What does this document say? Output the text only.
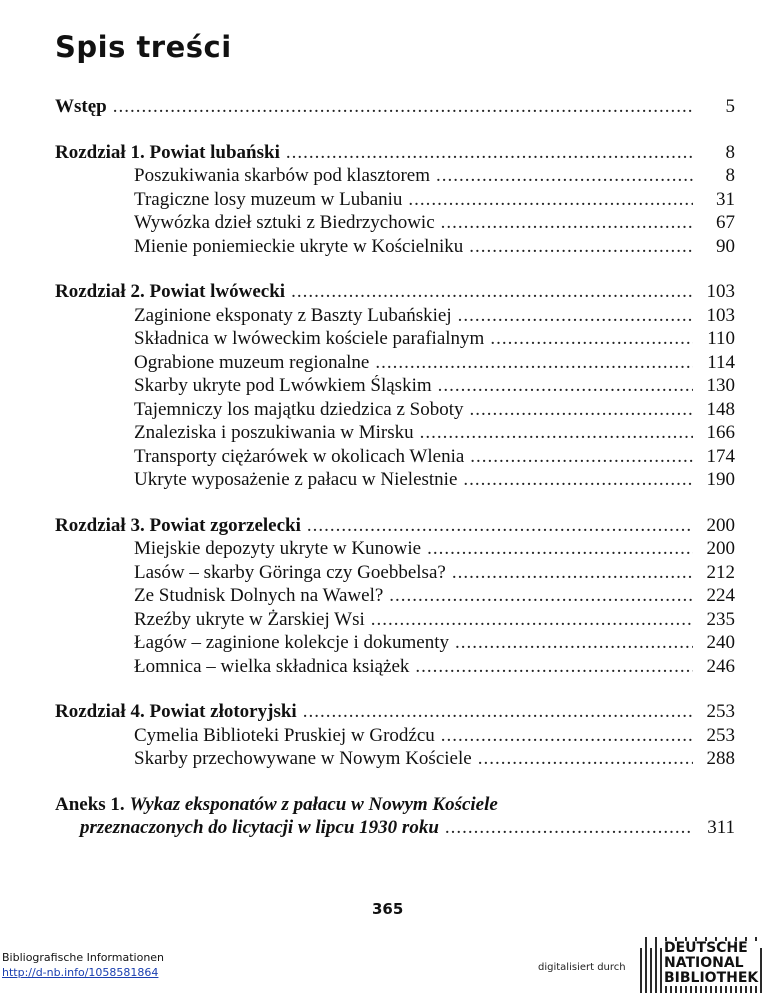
Spis treści
Wstęp .....	5
Rozdział 1. Powiat lubański .....	8
Poszukiwania skarbów pod klasztorem .....	8
Tragiczne losy muzeum w Lubaniu .....	31
Wywózka dzieł sztuki z Biedrzychowic .....	67
Mienie poniemieckie ukryte w Kościelniku .....	90
Rozdział 2. Powiat lwówecki .....	103
Zaginione eksponaty z Baszty Lubańskiej .....	103
Składnica w lwóweckim kościele parafialnym .....	110
Ograbione muzeum regionalne .....	114
Skarby ukryte pod Lwówkiem Śląskim .....	130
Tajemniczy los majątku dziedzica z Soboty .....	148
Znaleziska i poszukiwania w Mirsku .....	166
Transporty ciężarówek w okolicach Wlenia .....	174
Ukryte wyposażenie z pałacu w Nielestnie .....	190
Rozdział 3. Powiat zgorzelecki .....	200
Miejskie depozyty ukryte w Kunowie .....	200
Lasów – skarby Göringa czy Goebbelsa? .....	212
Ze Studnisk Dolnych na Wawel? .....	224
Rzeźby ukryte w Żarskiej Wsi .....	235
Łagów – zaginione kolekcje i dokumenty .....	240
Łomnica – wielka składnica książek .....	246
Rozdział 4. Powiat złotoryjski .....	253
Cymelia Biblioteki Pruskiej w Grodźcu .....	253
Skarby przechowywane w Nowym Kościele .....	288
Aneks 1.
Wykaz eksponatów z pałacu w Nowym Kościele
przeznaczonych do licytacji w lipcu 1930 roku .....	311
365
Bibliografische Informationen
http://d-nb.info/1058581864	digitalisiert durch
DEUTSCHE
NATIONAL
BIBLIOTHEK
